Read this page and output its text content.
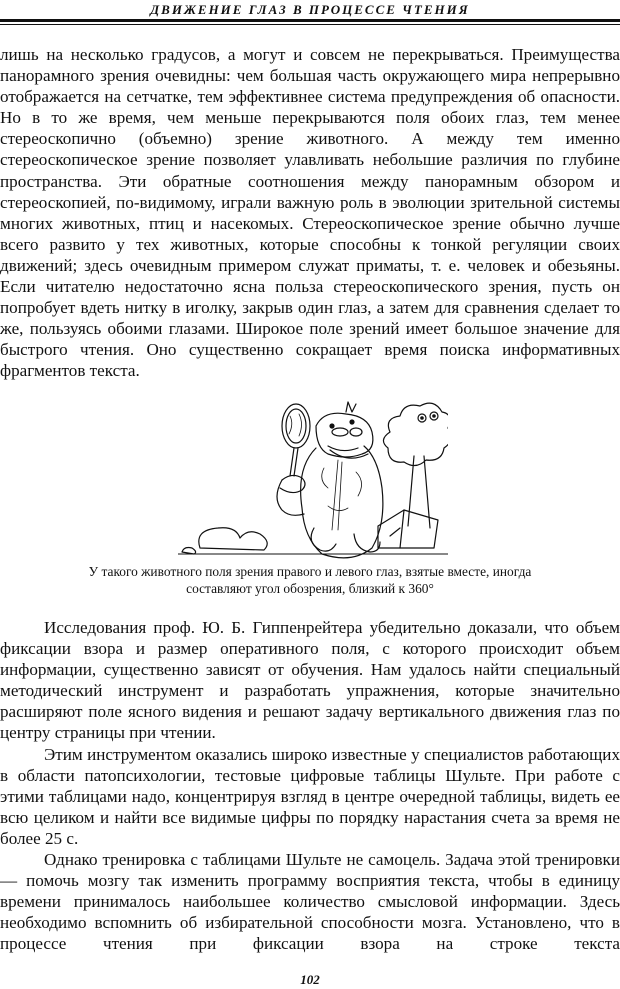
ДВИЖЕНИЕ ГЛАЗ В ПРОЦЕССЕ ЧТЕНИЯ

лишь на несколько градусов, а могут и совсем не перекрываться. Преимущества панорамного зрения очевидны: чем большая часть окружающего мира непрерывно отображается на сетчатке, тем эффективнее система предупреждения об опасности. Но в то же время, чем меньше перекрываются поля обоих глаз, тем менее стереоскопично (объемно) зрение животного. А между тем именно стереоскопическое зрение позволяет улавливать небольшие различия по глубине пространства. Эти обратные соотношения между панорамным обзором и стереоскопией, по-видимому, играли важную роль в эволюции зрительной системы многих животных, птиц и насекомых. Стереоскопическое зрение обычно лучше всего развито у тех животных, которые способны к тонкой регуляции своих движений; здесь очевидным примером служат приматы, т. е. человек и обезьяны. Если читателю недостаточно ясна польза стереоскопического зрения, пусть он попробует вдеть нитку в иголку, закрыв один глаз, а затем для сравнения сделает то же, пользуясь обоими глазами. Широкое поле зрений имеет большое значение для быстрого чтения. Оно существенно сокращает время поиска информативных фрагментов текста.

У такого животного поля зрения правого и левого глаз, взятые вместе, иногда
составляют угол обозрения, близкий к 360°

Исследования проф. Ю. Б. Гиппенрейтера убедительно доказали, что объем фиксации взора и размер оперативного поля, с которого происходит объем информации, существенно зависят от обучения. Нам удалось найти специальный методический инструмент и разработать упражнения, которые значительно расширяют поле ясного видения и решают задачу вертикального движения глаз по центру страницы при чтении.

Этим инструментом оказались широко известные у специалистов работающих в области патопсихологии, тестовые цифровые таблицы Шульте. При работе с этими таблицами надо, концентрируя взгляд в центре очередной таблицы, видеть ее всю целиком и найти все видимые цифры по порядку нарастания счета за время не более 25 с.

Однако тренировка с таблицами Шульте не самоцель. Задача этой тренировки — помочь мозгу так изменить программу восприятия текста, чтобы в единицу времени принималось наибольшее количество смысловой информации. Здесь необходимо вспомнить об избирательной способности мозга. Установлено, что в процессе чтения при фиксации взора на строке текста

102
